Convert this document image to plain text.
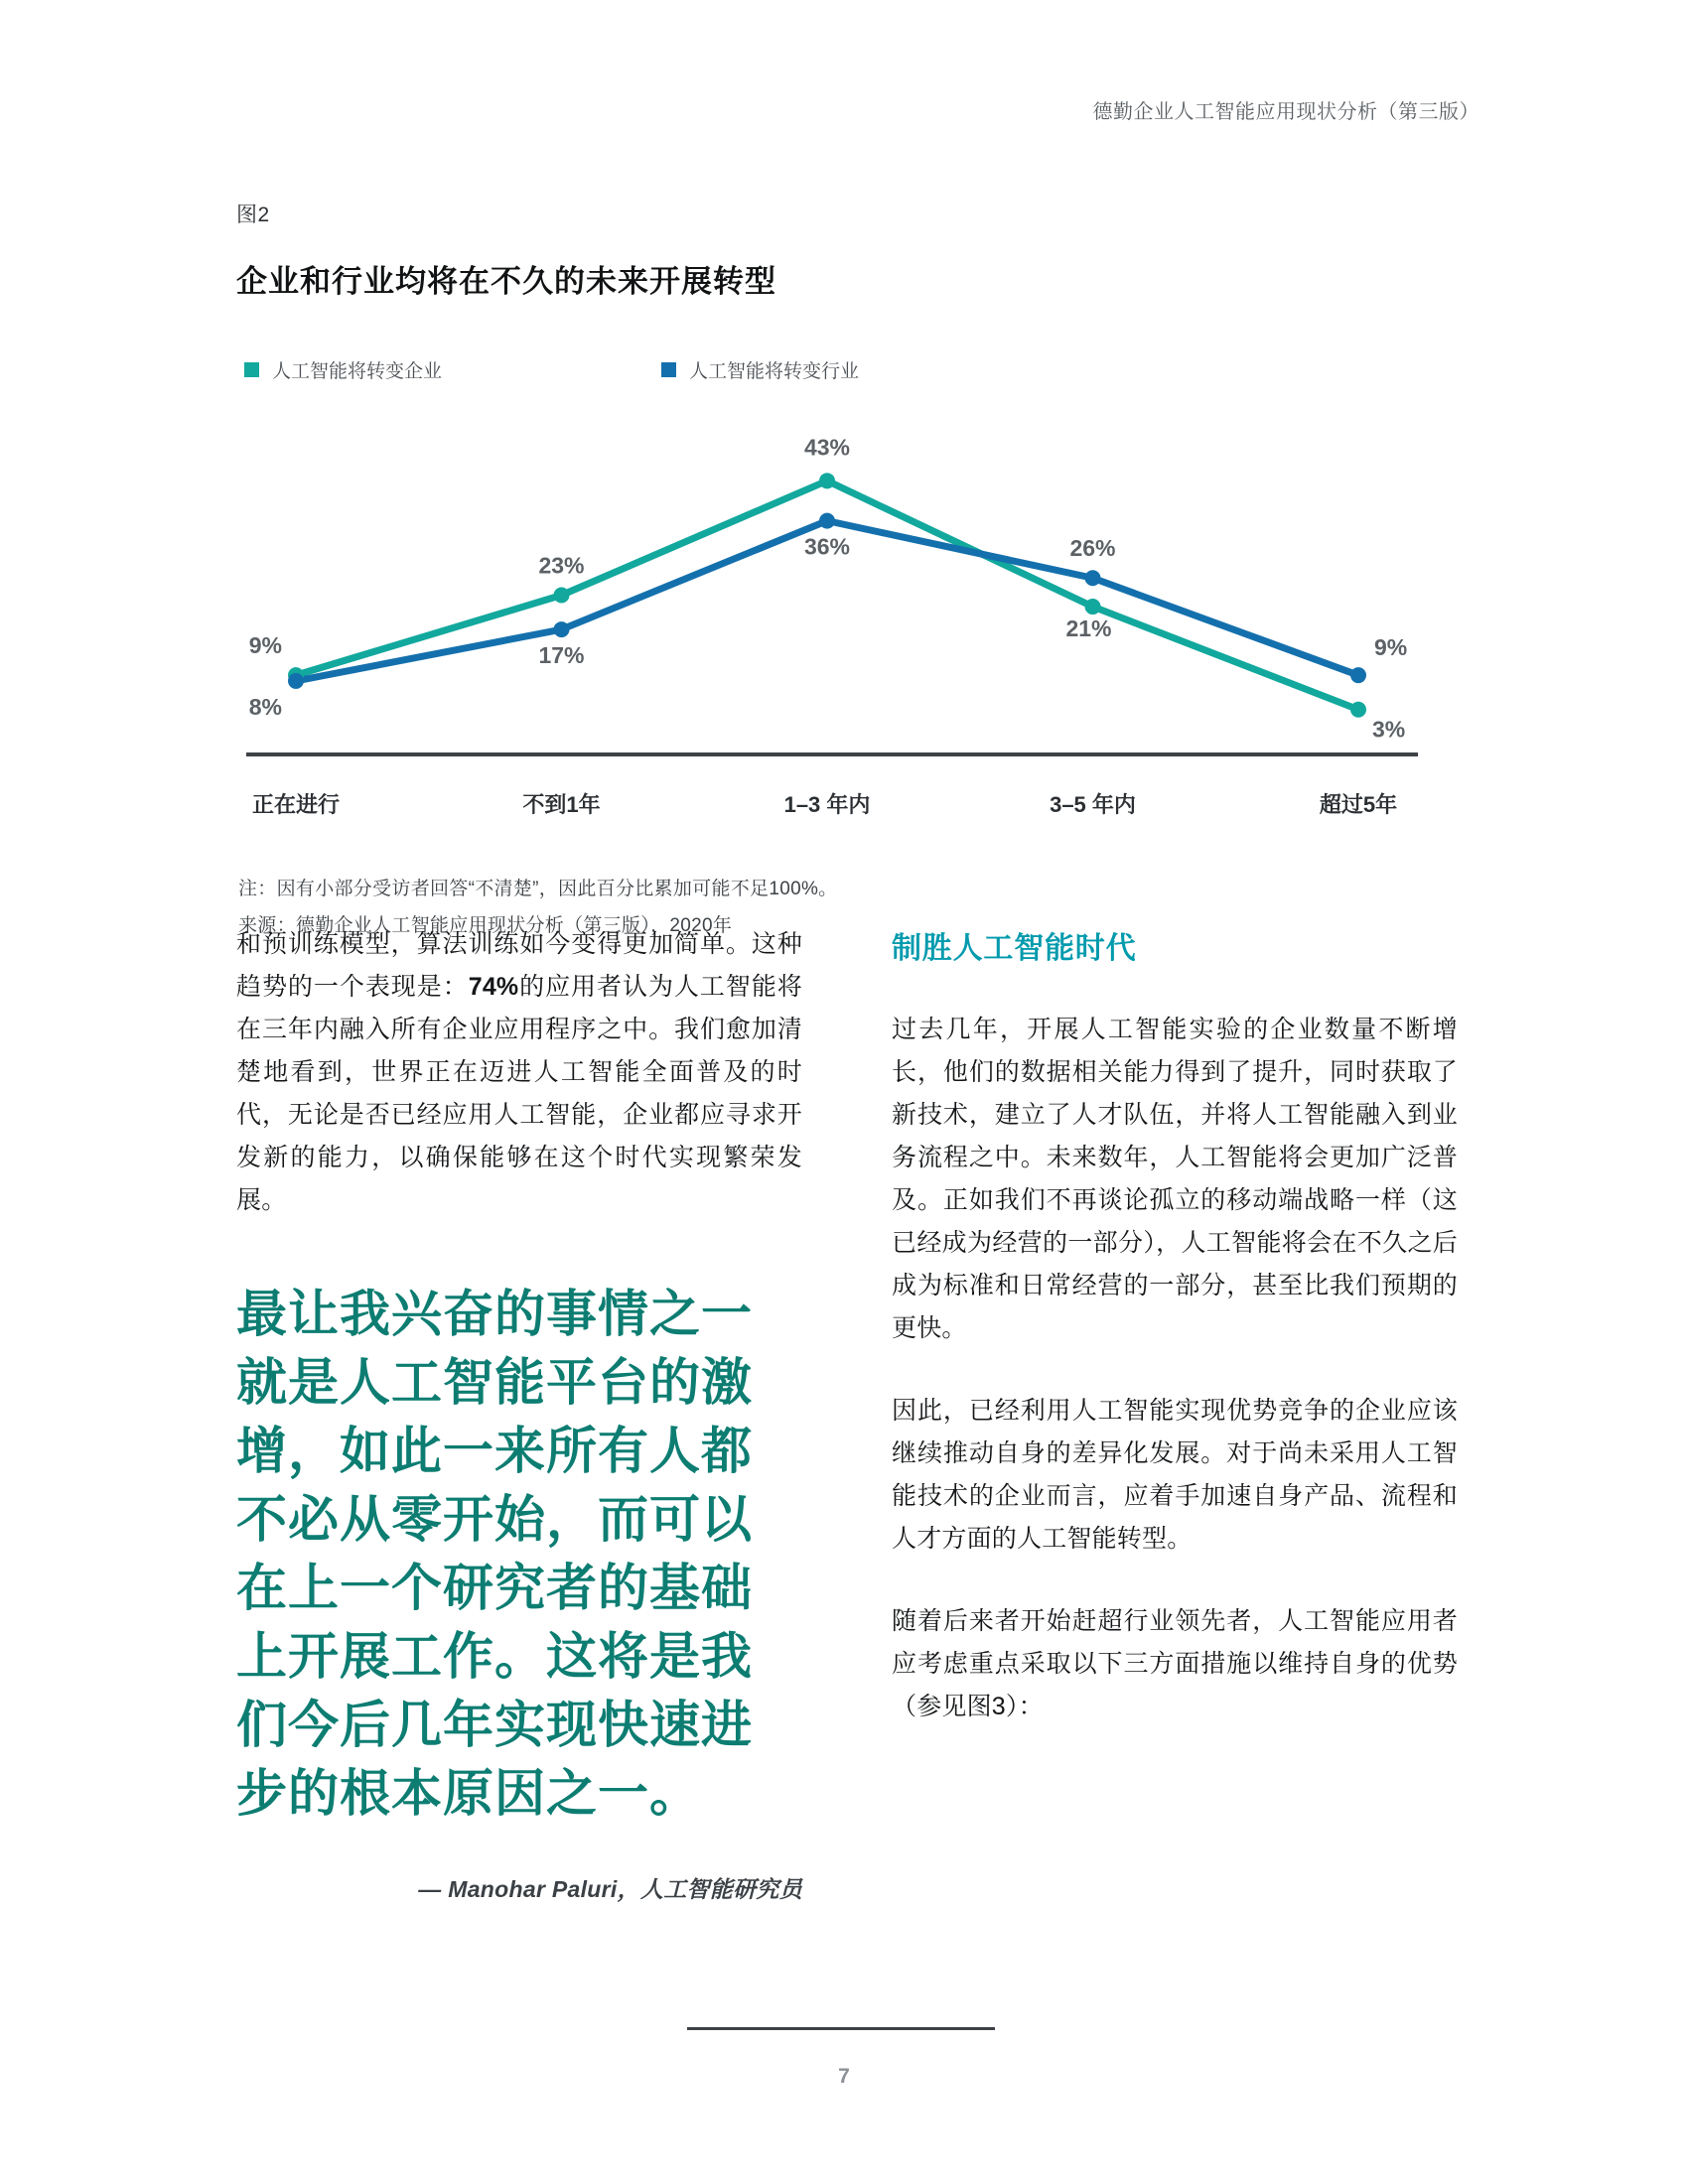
德勤企业人工智能应用现状分析（第三版）
图2
企业和行业均将在不久的未来开展转型
人工智能将转变企业	人工智能将转变行业
9%
23%
43%
21%
3%
8%
17%
36%	26%
9%
正在进行	不到1年	1–3 年内	3–5 年内	超过5年

注：因有小部分受访者回答“不清楚”，因此百分比累加可能不足100%。

来源：德勤企业人工智能应用现状分析（第三版），2020年

和预训练模型，算法训练如今变得更加简单。这种趋势的一个表现是：74%的应用者认为人工智能将在三年内融入所有企业应用程序之中。我们愈加清楚地看到，世界正在迈进人工智能全面普及的时代，无论是否已经应用人工智能，企业都应寻求开发新的能力，以确保能够在这个时代实现繁荣发展。

最让我兴奋的事情之一就是人工智能平台的激增，如此一来所有人都不必从零开始，而可以在上一个研究者的基础上开展工作。这将是我们今后几年实现快速进步的根本原因之一。
— Manohar Paluri，人工智能研究员
制胜人工智能时代

过去几年，开展人工智能实验的企业数量不断增长，他们的数据相关能力得到了提升，同时获取了新技术，建立了人才队伍，并将人工智能融入到业务流程之中。未来数年，人工智能将会更加广泛普及。正如我们不再谈论孤立的移动端战略一样（这已经成为经营的一部分），人工智能将会在不久之后成为标准和日常经营的一部分，甚至比我们预期的更快。

因此，已经利用人工智能实现优势竞争的企业应该继续推动自身的差异化发展。对于尚未采用人工智能技术的企业而言，应着手加速自身产品、流程和人才方面的人工智能转型。

随着后来者开始赶超行业领先者，人工智能应用者应考虑重点采取以下三方面措施以维持自身的优势（参见图3）：

7
